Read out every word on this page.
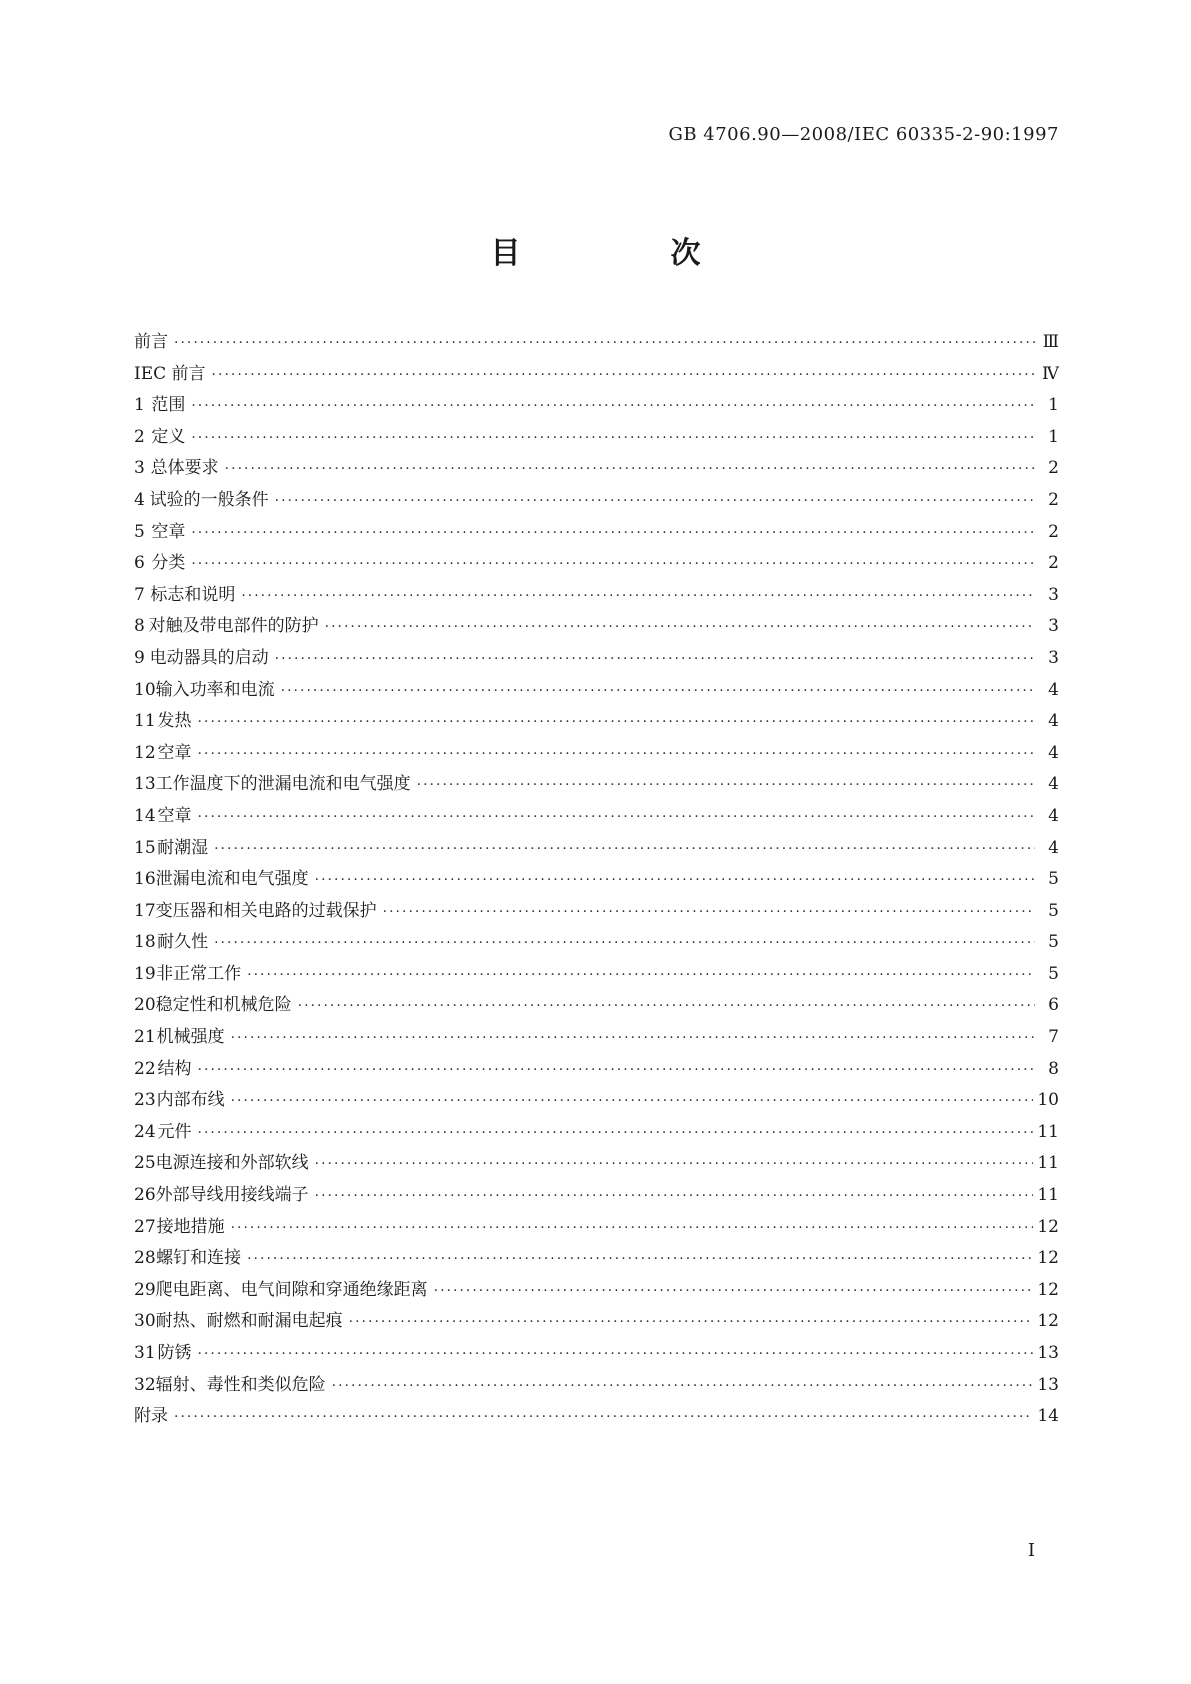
GB 4706.90—2008/IEC 60335-2-90:1997
目　次
前言 ·····	Ⅲ
IEC 前言 ·····	Ⅳ
1 范围 ·····	1
2 定义 ·····	1
3 总体要求 ·····	2
4 试验的一般条件 ·····	2
5 空章 ·····	2
6 分类 ·····	2
7 标志和说明 ·····	3
8 对触及带电部件的防护 ·····	3
9 电动器具的启动 ·····	3
10 输入功率和电流 ·····	4
11 发热 ·····	4
12 空章 ·····	4
13 工作温度下的泄漏电流和电气强度 ·····	4
14 空章 ·····	4
15 耐潮湿 ·····	4
16 泄漏电流和电气强度 ·····	5
17 变压器和相关电路的过载保护 ·····	5
18 耐久性 ·····	5
19 非正常工作 ·····	5
20 稳定性和机械危险 ·····	6
21 机械强度 ·····	7
22 结构 ·····	8
23 内部布线 ·····	10
24 元件 ·····	11
25 电源连接和外部软线 ·····	11
26 外部导线用接线端子 ·····	11
27 接地措施 ·····	12
28 螺钉和连接 ·····	12
29 爬电距离、电气间隙和穿通绝缘距离 ·····	12
30 耐热、耐燃和耐漏电起痕 ·····	12
31 防锈 ·····	13
32 辐射、毒性和类似危险 ·····	13
附录 ·····	14
I
